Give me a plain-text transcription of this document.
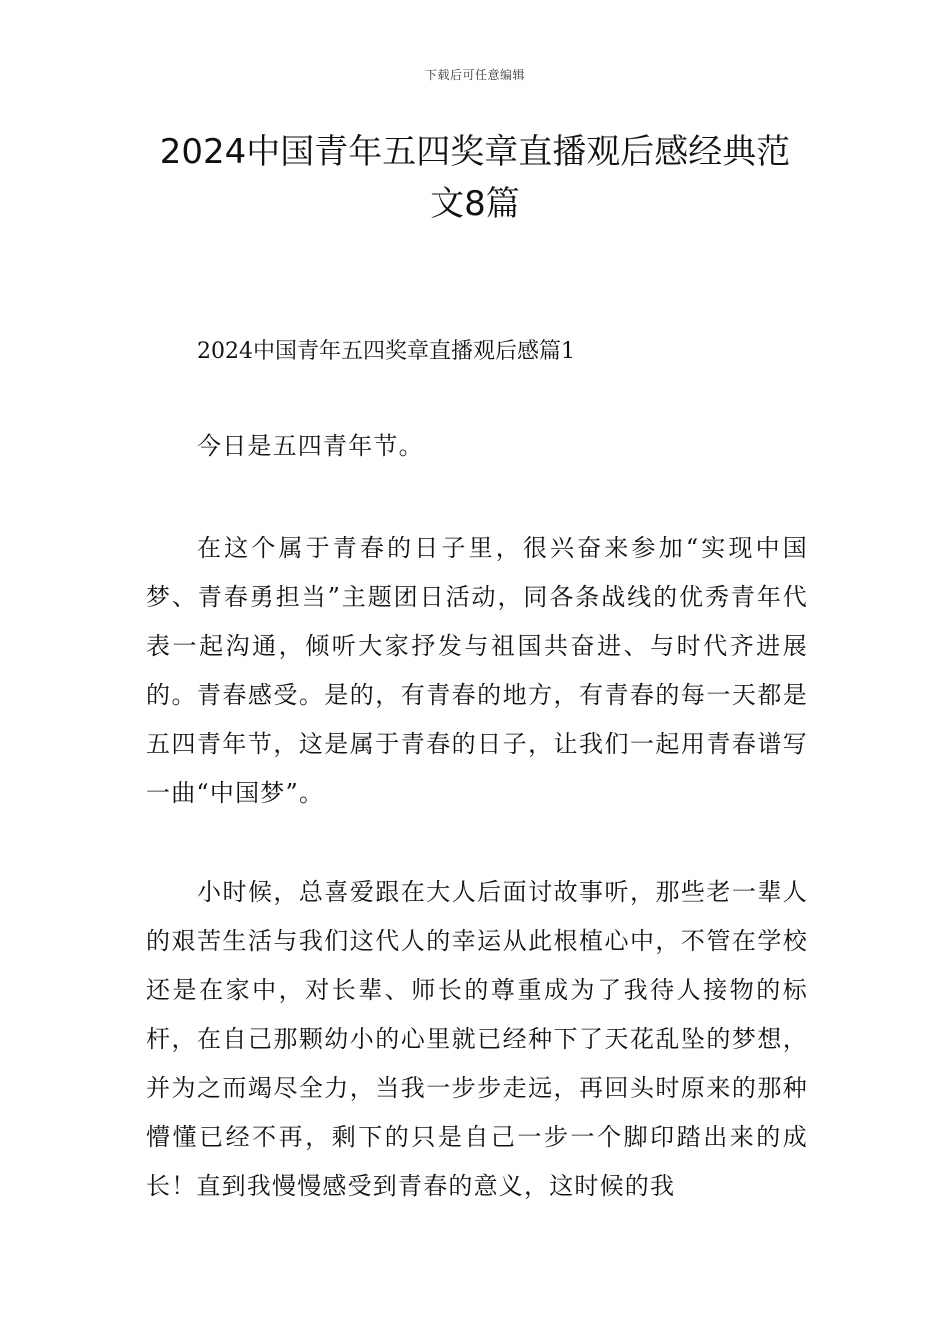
下载后可任意编辑
2024中国青年五四奖章直播观后感经典范文8篇
2024中国青年五四奖章直播观后感篇1

今日是五四青年节。

在这个属于青春的日子里，很兴奋来参加“实现中国梦、青春勇担当”主题团日活动，同各条战线的优秀青年代表一起沟通，倾听大家抒发与祖国共奋进、与时代齐进展的。青春感受。是的，有青春的地方，有青春的每一天都是五四青年节，这是属于青春的日子，让我们一起用青春谱写一曲“中国梦”。

小时候，总喜爱跟在大人后面讨故事听，那些老一辈人的艰苦生活与我们这代人的幸运从此根植心中，不管在学校还是在家中，对长辈、师长的尊重成为了我待人接物的标杆，在自己那颗幼小的心里就已经种下了天花乱坠的梦想，并为之而竭尽全力，当我一步步走远，再回头时原来的那种懵懂已经不再，剩下的只是自己一步一个脚印踏出来的成长！直到我慢慢感受到青春的意义，这时候的我
